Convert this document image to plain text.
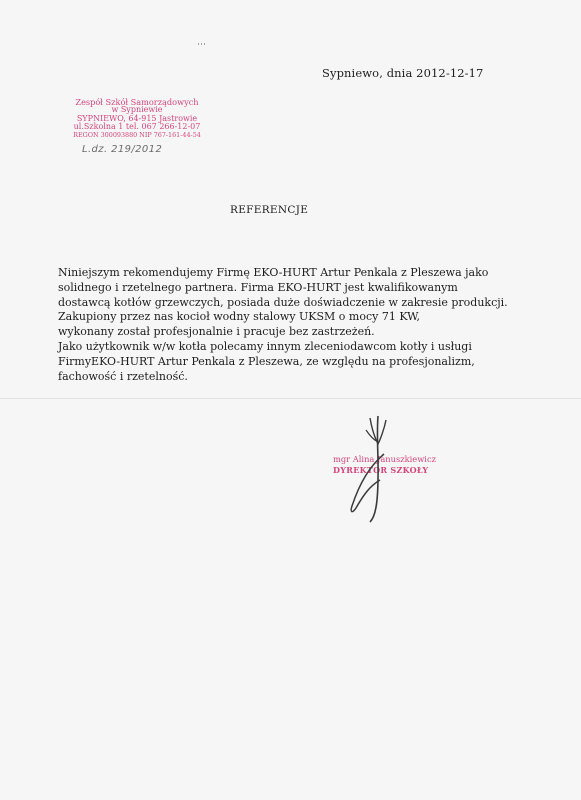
Sypniewo, dnia 2012-12-17
Zespół Szkół Samorządowych
w Sypniewie
SYPNIEWO, 64-915 Jastrowie
ul.Szkolna 1 tel. 067 266-12-07
REGON 300093880 NIP 767-161-44-54
L.dz. 219/2012
REFERENCJE
Niniejszym rekomendujemy Firmę EKO-HURT Artur Penkala z Pleszewa jako
solidnego i rzetelnego partnera. Firma EKO-HURT jest kwalifikowanym
dostawcą kotłów grzewczych, posiada duże doświadczenie w zakresie produkcji.
Zakupiony przez nas kocioł wodny stalowy UKSM o mocy 71 KW,
wykonany został profesjonalnie i pracuje bez zastrzeżeń.
Jako użytkownik w/w kotła polecamy innym zleceniodawcom kotły i usługi
FirmyEKO-HURT Artur Penkala z Pleszewa, ze względu na profesjonalizm,
fachowość i rzetelność.
mgr Alina Januszkiewicz
DYREKTOR SZKOŁY
